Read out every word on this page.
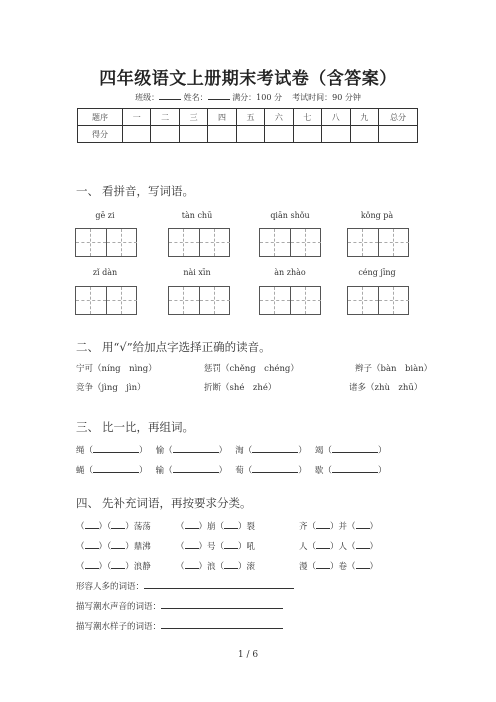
四年级语文上册期末考试卷（含答案）
班级：	姓名：	满分：100 分 考试时间：90 分钟
题序	一	二	三	四	五	六	七	八	九	总分
得分										
一、 看拼音，写词语。
gē zi	tàn chū	qiān shǒu	kǒng pà
zǐ dàn	nài xīn	àn zhào	céng jīng
二、 用“√”给加点字选择正确的读音。
宁可（níng　nìng）	惩罚（chěng　chéng）	辫子（bàn　biàn）
竞争（jìng　jìn）	折断（shé　zhé）	诸多（zhù　zhū）
三、 比一比，再组词。
绳（	） 愉（	） 淘（	） 竭（	）
蝇（	） 输（	） 萄（	） 歇（	）
四、 先补充词语，再按要求分类。
（ ）（ ）荡荡	（ ）崩（ ）裂	齐（ ）并（ ）
（ ）（ ）鼎沸	（ ）号（ ）吼	人（ ）人（ ）
（ ）（ ）浪静	（ ）浪（ ）滚	漫（ ）卷（ ）
形容人多的词语：
描写潮水声音的词语：
描写潮水样子的词语：
1 / 6
